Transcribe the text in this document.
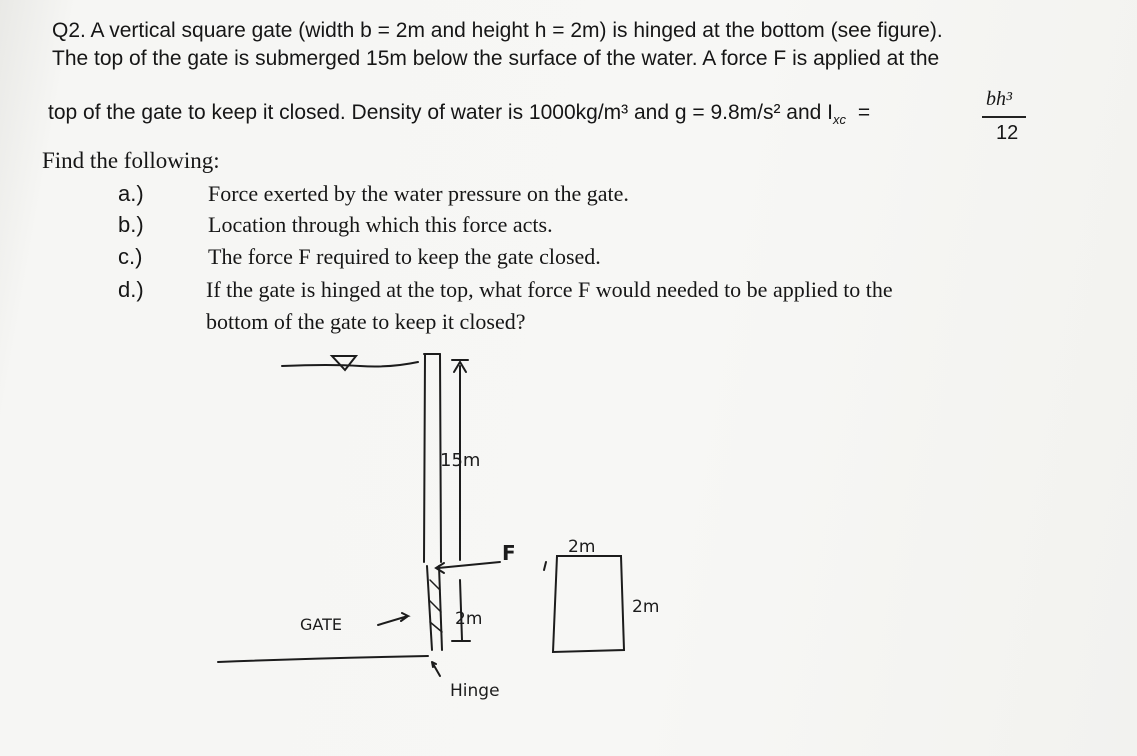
Q2. A vertical square gate (width b = 2m and height h = 2m) is hinged at the bottom (see figure).
The top of the gate is submerged 15m below the surface of the water. A force F is applied at the
top of the gate to keep it closed. Density of water is 1000kg/m³ and g = 9.8m/s² and $I_{xc}$ =
bh³
12
Find the following:
a.)	Force exerted by the water pressure on the gate.
b.)	Location through which this force acts.
c.)	The force F required to keep the gate closed.
d.)	If the gate is hinged at the top, what force F would needed to be applied to the
bottom of the gate to keep it closed?
15m
F
GATE	2m
Hinge
2m
2m
